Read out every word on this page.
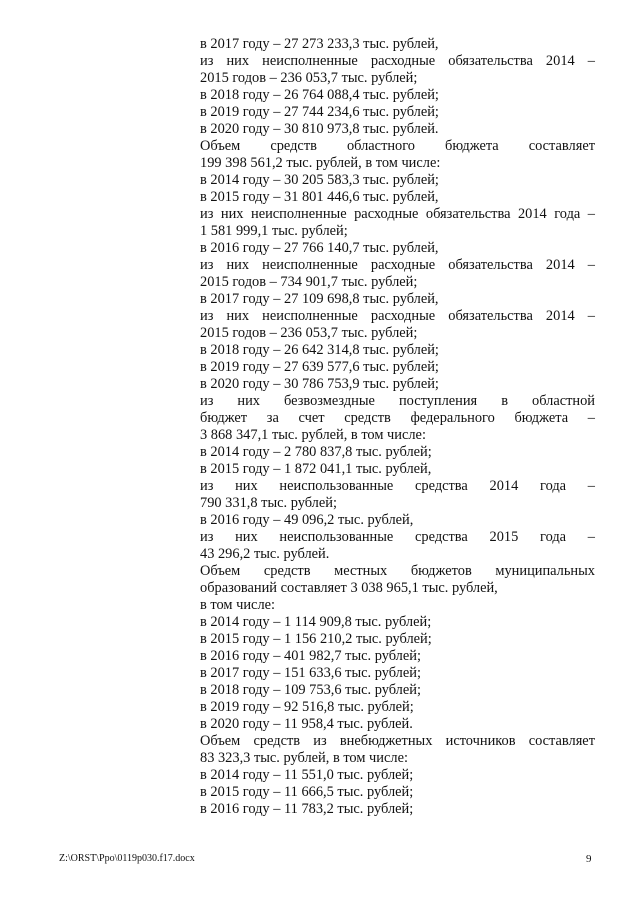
в 2017 году – 27 273 233,3 тыс. рублей,
из них неисполненные расходные обязательства 2014 –
2015 годов – 236 053,7 тыс. рублей;
в 2018 году – 26 764 088,4 тыс. рублей;
в 2019 году – 27 744 234,6 тыс. рублей;
в 2020 году – 30 810 973,8 тыс. рублей.
Объем средств областного бюджета составляет
199 398 561,2 тыс. рублей, в том числе:
в 2014 году – 30 205 583,3 тыс. рублей;
в 2015 году – 31 801 446,6 тыс. рублей,
из них неисполненные расходные обязательства 2014 года –
1 581 999,1 тыс. рублей;
в 2016 году – 27 766 140,7 тыс. рублей,
из них неисполненные расходные обязательства 2014 –
2015 годов – 734 901,7 тыс. рублей;
в 2017 году – 27 109 698,8 тыс. рублей,
из них неисполненные расходные обязательства 2014 –
2015 годов – 236 053,7 тыс. рублей;
в 2018 году – 26 642 314,8 тыс. рублей;
в 2019 году – 27 639 577,6 тыс. рублей;
в 2020 году – 30 786 753,9 тыс. рублей;
из них безвозмездные поступления в областной
бюджет за счет средств федерального бюджета –
3 868 347,1 тыс. рублей, в том числе:
в 2014 году – 2 780 837,8 тыс. рублей;
в 2015 году – 1 872 041,1 тыс. рублей,
из них неиспользованные средства 2014 года –
790 331,8 тыс. рублей;
в 2016 году – 49 096,2 тыс. рублей,
из них неиспользованные средства 2015 года –
43 296,2 тыс. рублей.
Объем средств местных бюджетов муниципальных
образований составляет 3 038 965,1 тыс. рублей,
в том числе:
в 2014 году – 1 114 909,8 тыс. рублей;
в 2015 году – 1 156 210,2 тыс. рублей;
в 2016 году – 401 982,7 тыс. рублей;
в 2017 году – 151 633,6 тыс. рублей;
в 2018 году – 109 753,6 тыс. рублей;
в 2019 году – 92 516,8 тыс. рублей;
в 2020 году – 11 958,4 тыс. рублей.
Объем средств из внебюджетных источников составляет
83 323,3 тыс. рублей, в том числе:
в 2014 году – 11 551,0 тыс. рублей;
в 2015 году – 11 666,5 тыс. рублей;
в 2016 году – 11 783,2 тыс. рублей;
Z:\ORST\Ppo\0119p030.f17.docx	9
